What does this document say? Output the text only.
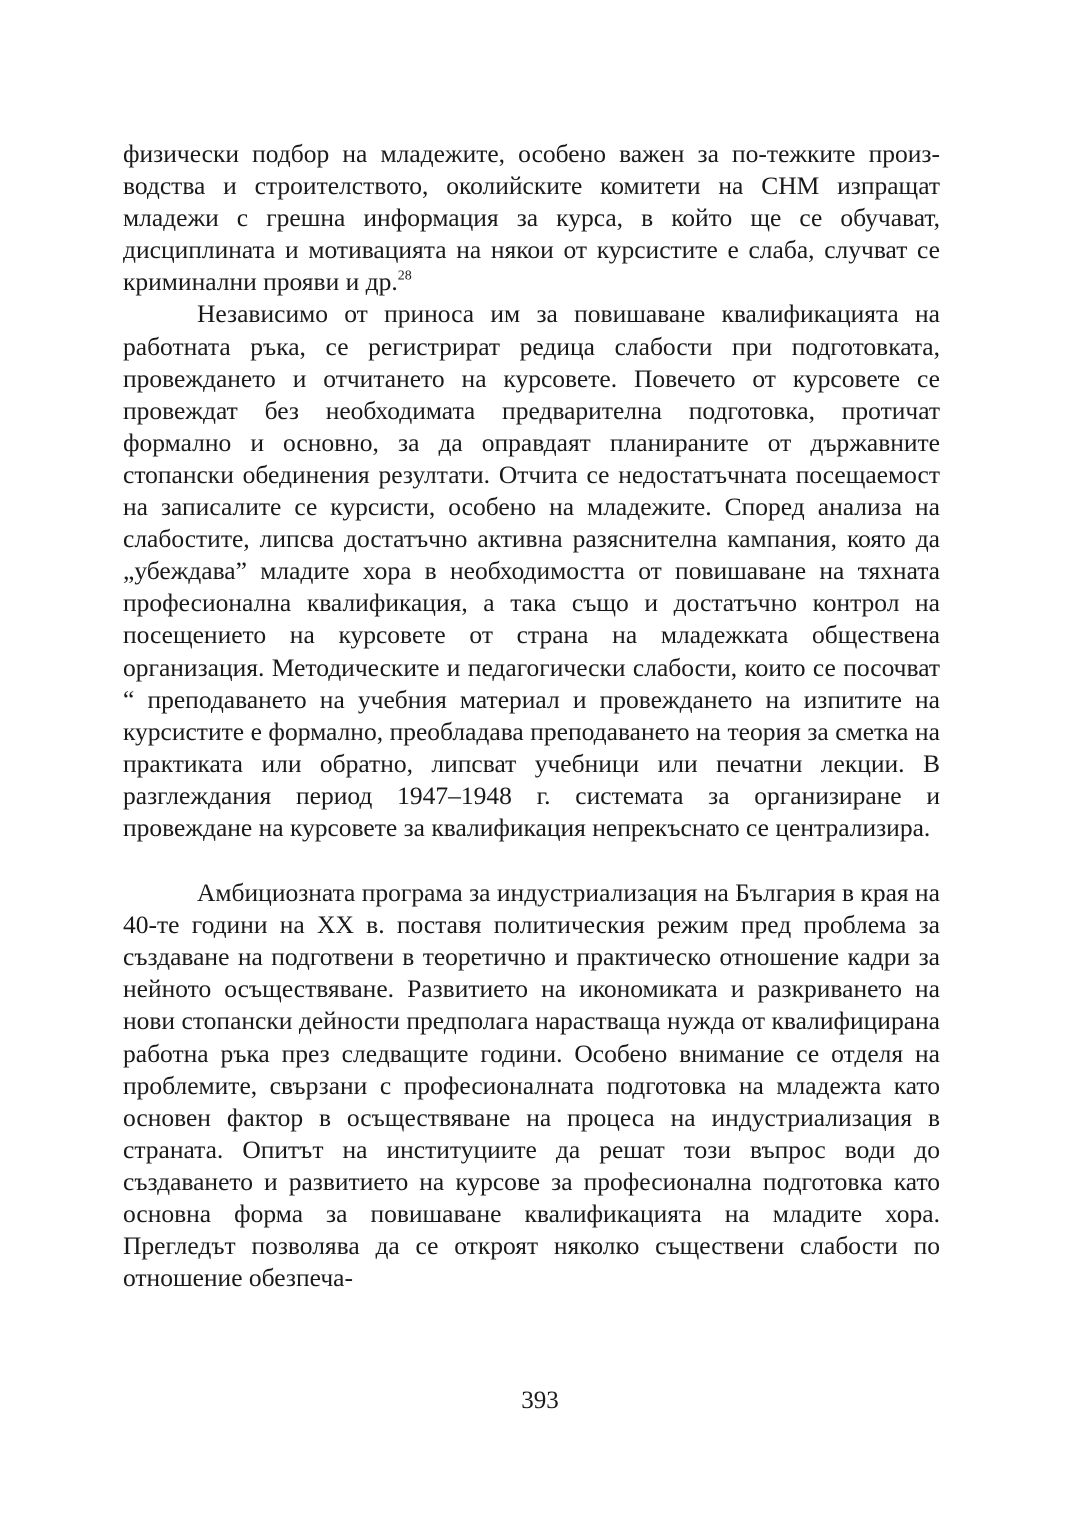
физически подбор на младежите, особено важен за по-тежките производства и строителството, околийските комитети на СНМ изпращат младежи с грешна информация за курса, в който ще се обучават, дисциплината и мотивацията на някои от курсистите е слаба, случват се криминални прояви и др.$^{28}$

Независимо от приноса им за повишаване квалификацията на работната ръка, се регистрират редица слабости при подготовката, провеждането и отчитането на курсовете. Повечето от курсовете се провеждат без необходимата предварителна подготовка, протичат формално и основно, за да оправдаят планираните от държавните стопански обединения резултати. Отчита се недостатъчната посещаемост на записалите се курсисти, особено на младежите. Според анализа на слабостите, липсва достатъчно активна разяснителна кампания, която да „убеждава” младите хора в необходимостта от повишаване на тяхната професионална квалификация, а така също и достатъчно контрол на посещението на курсовете от страна на младежката обществена организация. Методическите и педагогически слабости, които се посочват “ преподаването на учебния материал и провеждането на изпитите на курсистите е формално, преобладава преподаването на теория за сметка на практиката или обратно, липсват учебници или печатни лекции. В разглеждания период 1947–1948 г. системата за организиране и провеждане на курсовете за квалификация непрекъснато се централизира.

Амбициозната програма за индустриализация на България в края на 40-те години на ХХ в. поставя политическия режим пред проблема за създаване на подготвени в теоретично и практическо отношение кадри за нейното осъществяване. Развитието на икономиката и разкриването на нови стопански дейности предполага нарастваща нужда от квалифицирана работна ръка през следващите години. Особено внимание се отделя на проблемите, свързани с професионалната подготовка на младежта като основен фактор в осъществяване на процеса на индустриализация в страната. Опитът на институциите да решат този въпрос води до създаването и развитието на курсове за професионална подготовка като основна форма за повишаване квалификацията на младите хора. Прегледът позволява да се откроят няколко съществени слабости по отношение обезпеча-

393
